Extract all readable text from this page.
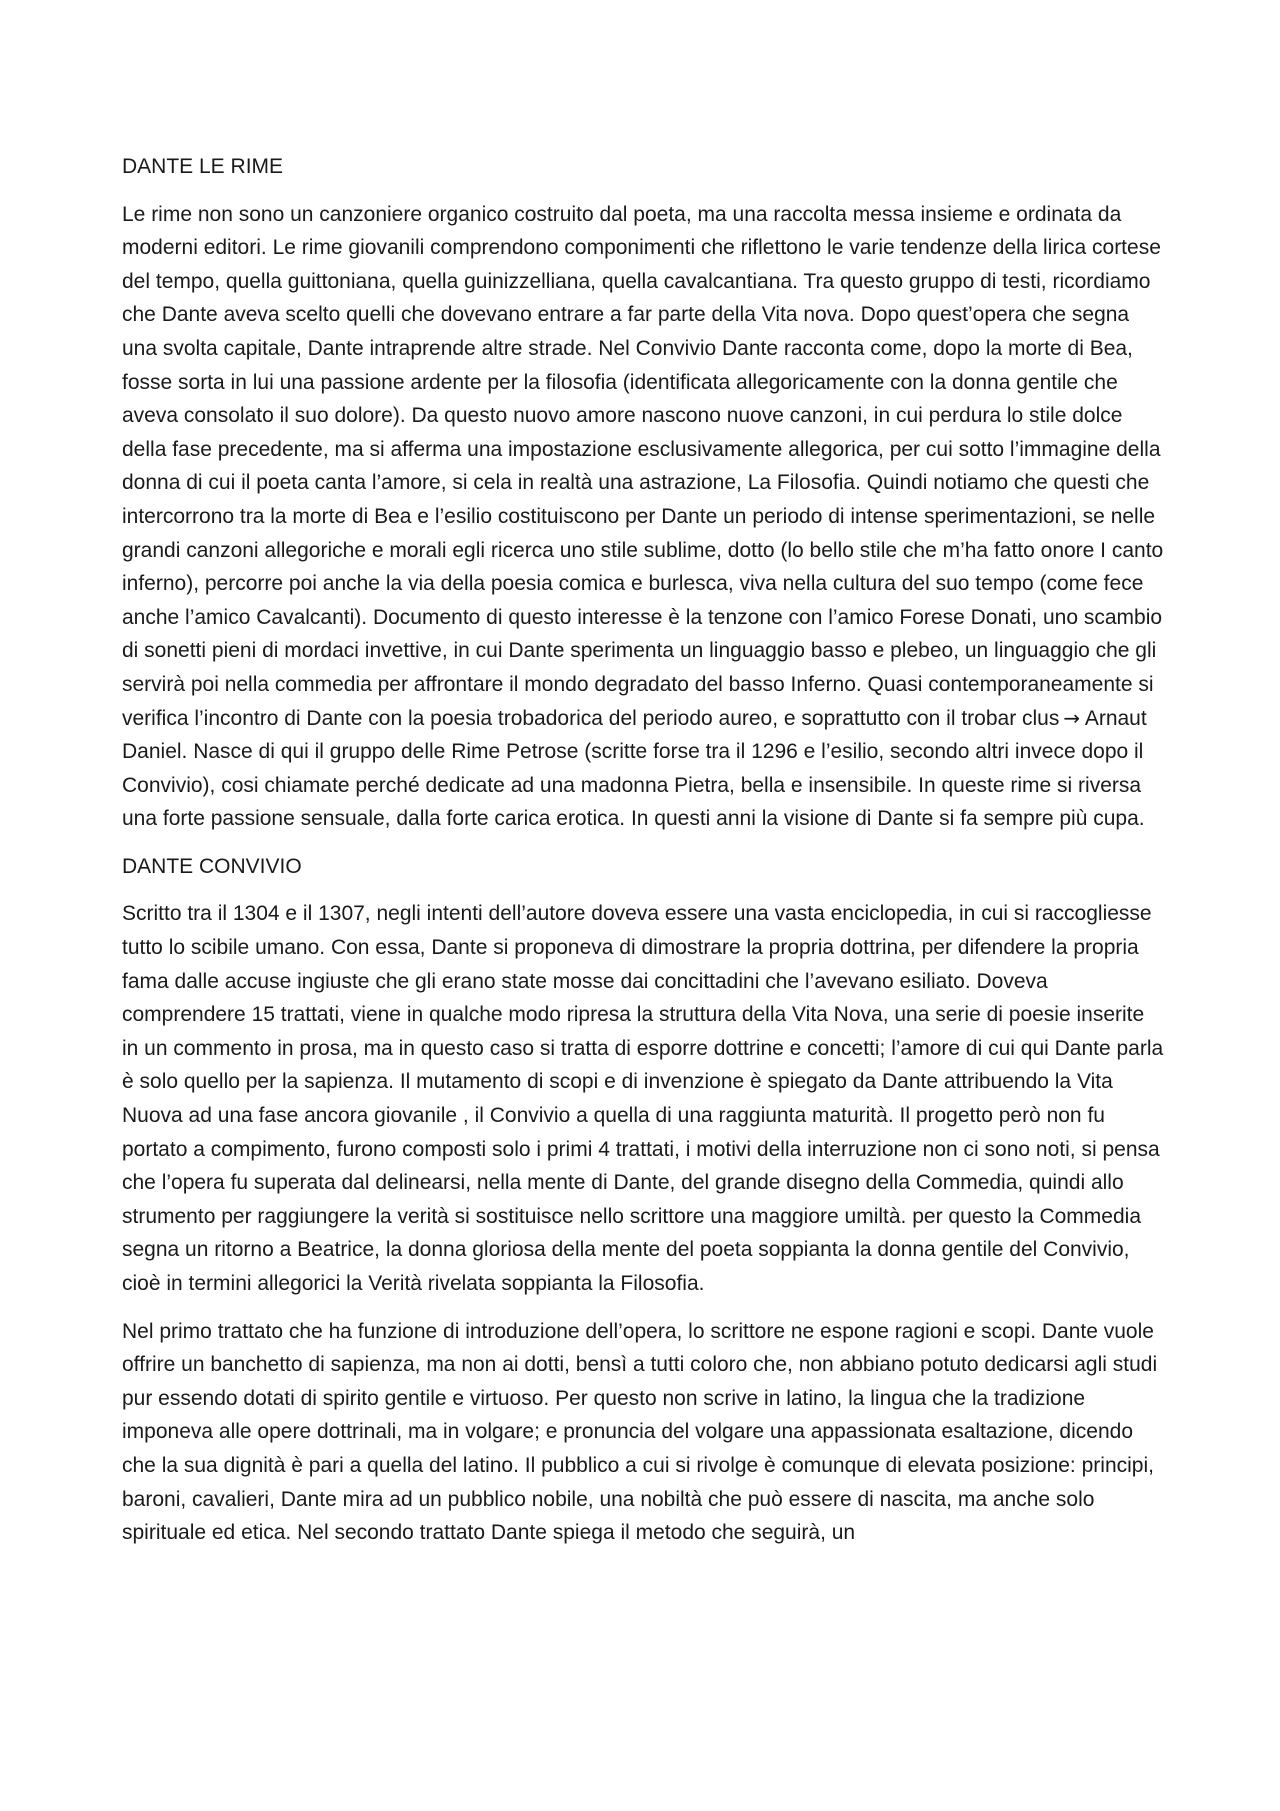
DANTE LE RIME

Le rime non sono un canzoniere organico costruito dal poeta, ma una raccolta messa insieme e ordinata da moderni editori. Le rime giovanili comprendono componimenti che riflettono le varie tendenze della lirica cortese del tempo, quella guittoniana, quella guinizzelliana, quella cavalcantiana. Tra questo gruppo di testi, ricordiamo che Dante aveva scelto quelli che dovevano entrare a far parte della Vita nova. Dopo quest’opera che segna una svolta capitale, Dante intraprende altre strade. Nel Convivio Dante racconta come, dopo la morte di Bea, fosse sorta in lui una passione ardente per la filosofia (identificata allegoricamente con la donna gentile che aveva consolato il suo dolore). Da questo nuovo amore nascono nuove canzoni, in cui perdura lo stile dolce della fase precedente, ma si afferma una impostazione esclusivamente allegorica, per cui sotto l’immagine della donna di cui il poeta canta l’amore, si cela in realtà una astrazione, La Filosofia. Quindi notiamo che questi che intercorrono tra la morte di Bea e l’esilio costituiscono per Dante un periodo di intense sperimentazioni, se nelle grandi canzoni allegoriche e morali egli ricerca uno stile sublime, dotto (lo bello stile che m’ha fatto onore I canto inferno), percorre poi anche la via della poesia comica e burlesca, viva nella cultura del suo tempo (come fece anche l’amico Cavalcanti). Documento di questo interesse è la tenzone con l’amico Forese Donati, uno scambio di sonetti pieni di mordaci invettive, in cui Dante sperimenta un linguaggio basso e plebeo, un linguaggio che gli servirà poi nella commedia per affrontare il mondo degradato del basso Inferno. Quasi contemporaneamente si verifica l’incontro di Dante con la poesia trobadorica del periodo aureo, e soprattutto con il trobar clus → Arnaut Daniel. Nasce di qui il gruppo delle Rime Petrose (scritte forse tra il 1296 e l’esilio, secondo altri invece dopo il Convivio), cosi chiamate perché dedicate ad una madonna Pietra, bella e insensibile. In queste rime si riversa una forte passione sensuale, dalla forte carica erotica. In questi anni la visione di Dante si fa sempre più cupa.

DANTE CONVIVIO

Scritto tra il 1304 e il 1307, negli intenti dell’autore doveva essere una vasta enciclopedia, in cui si raccogliesse tutto lo scibile umano. Con essa, Dante si proponeva di dimostrare la propria dottrina, per difendere la propria fama dalle accuse ingiuste che gli erano state mosse dai concittadini che l’avevano esiliato. Doveva comprendere 15 trattati, viene in qualche modo ripresa la struttura della Vita Nova, una serie di poesie inserite in un commento in prosa, ma in questo caso si tratta di esporre dottrine e concetti; l’amore di cui qui Dante parla è solo quello per la sapienza. Il mutamento di scopi e di invenzione è spiegato da Dante attribuendo la Vita Nuova ad una fase ancora giovanile , il Convivio a quella di una raggiunta maturità. Il progetto però non fu portato a compimento, furono composti solo i primi 4 trattati, i motivi della interruzione non ci sono noti, si pensa che l’opera fu superata dal delinearsi, nella mente di Dante, del grande disegno della Commedia, quindi allo strumento per raggiungere la verità si sostituisce nello scrittore una maggiore umiltà. per questo la Commedia segna un ritorno a Beatrice, la donna gloriosa della mente del poeta soppianta la donna gentile del Convivio, cioè in termini allegorici la Verità rivelata soppianta la Filosofia.

Nel primo trattato che ha funzione di introduzione dell’opera, lo scrittore ne espone ragioni e scopi. Dante vuole offrire un banchetto di sapienza, ma non ai dotti, bensì a tutti coloro che, non abbiano potuto dedicarsi agli studi pur essendo dotati di spirito gentile e virtuoso. Per questo non scrive in latino, la lingua che la tradizione imponeva alle opere dottrinali, ma in volgare; e pronuncia del volgare una appassionata esaltazione, dicendo che la sua dignità è pari a quella del latino. Il pubblico a cui si rivolge è comunque di elevata posizione: principi, baroni, cavalieri, Dante mira ad un pubblico nobile, una nobiltà che può essere di nascita, ma anche solo spirituale ed etica. Nel secondo trattato Dante spiega il metodo che seguirà, un
